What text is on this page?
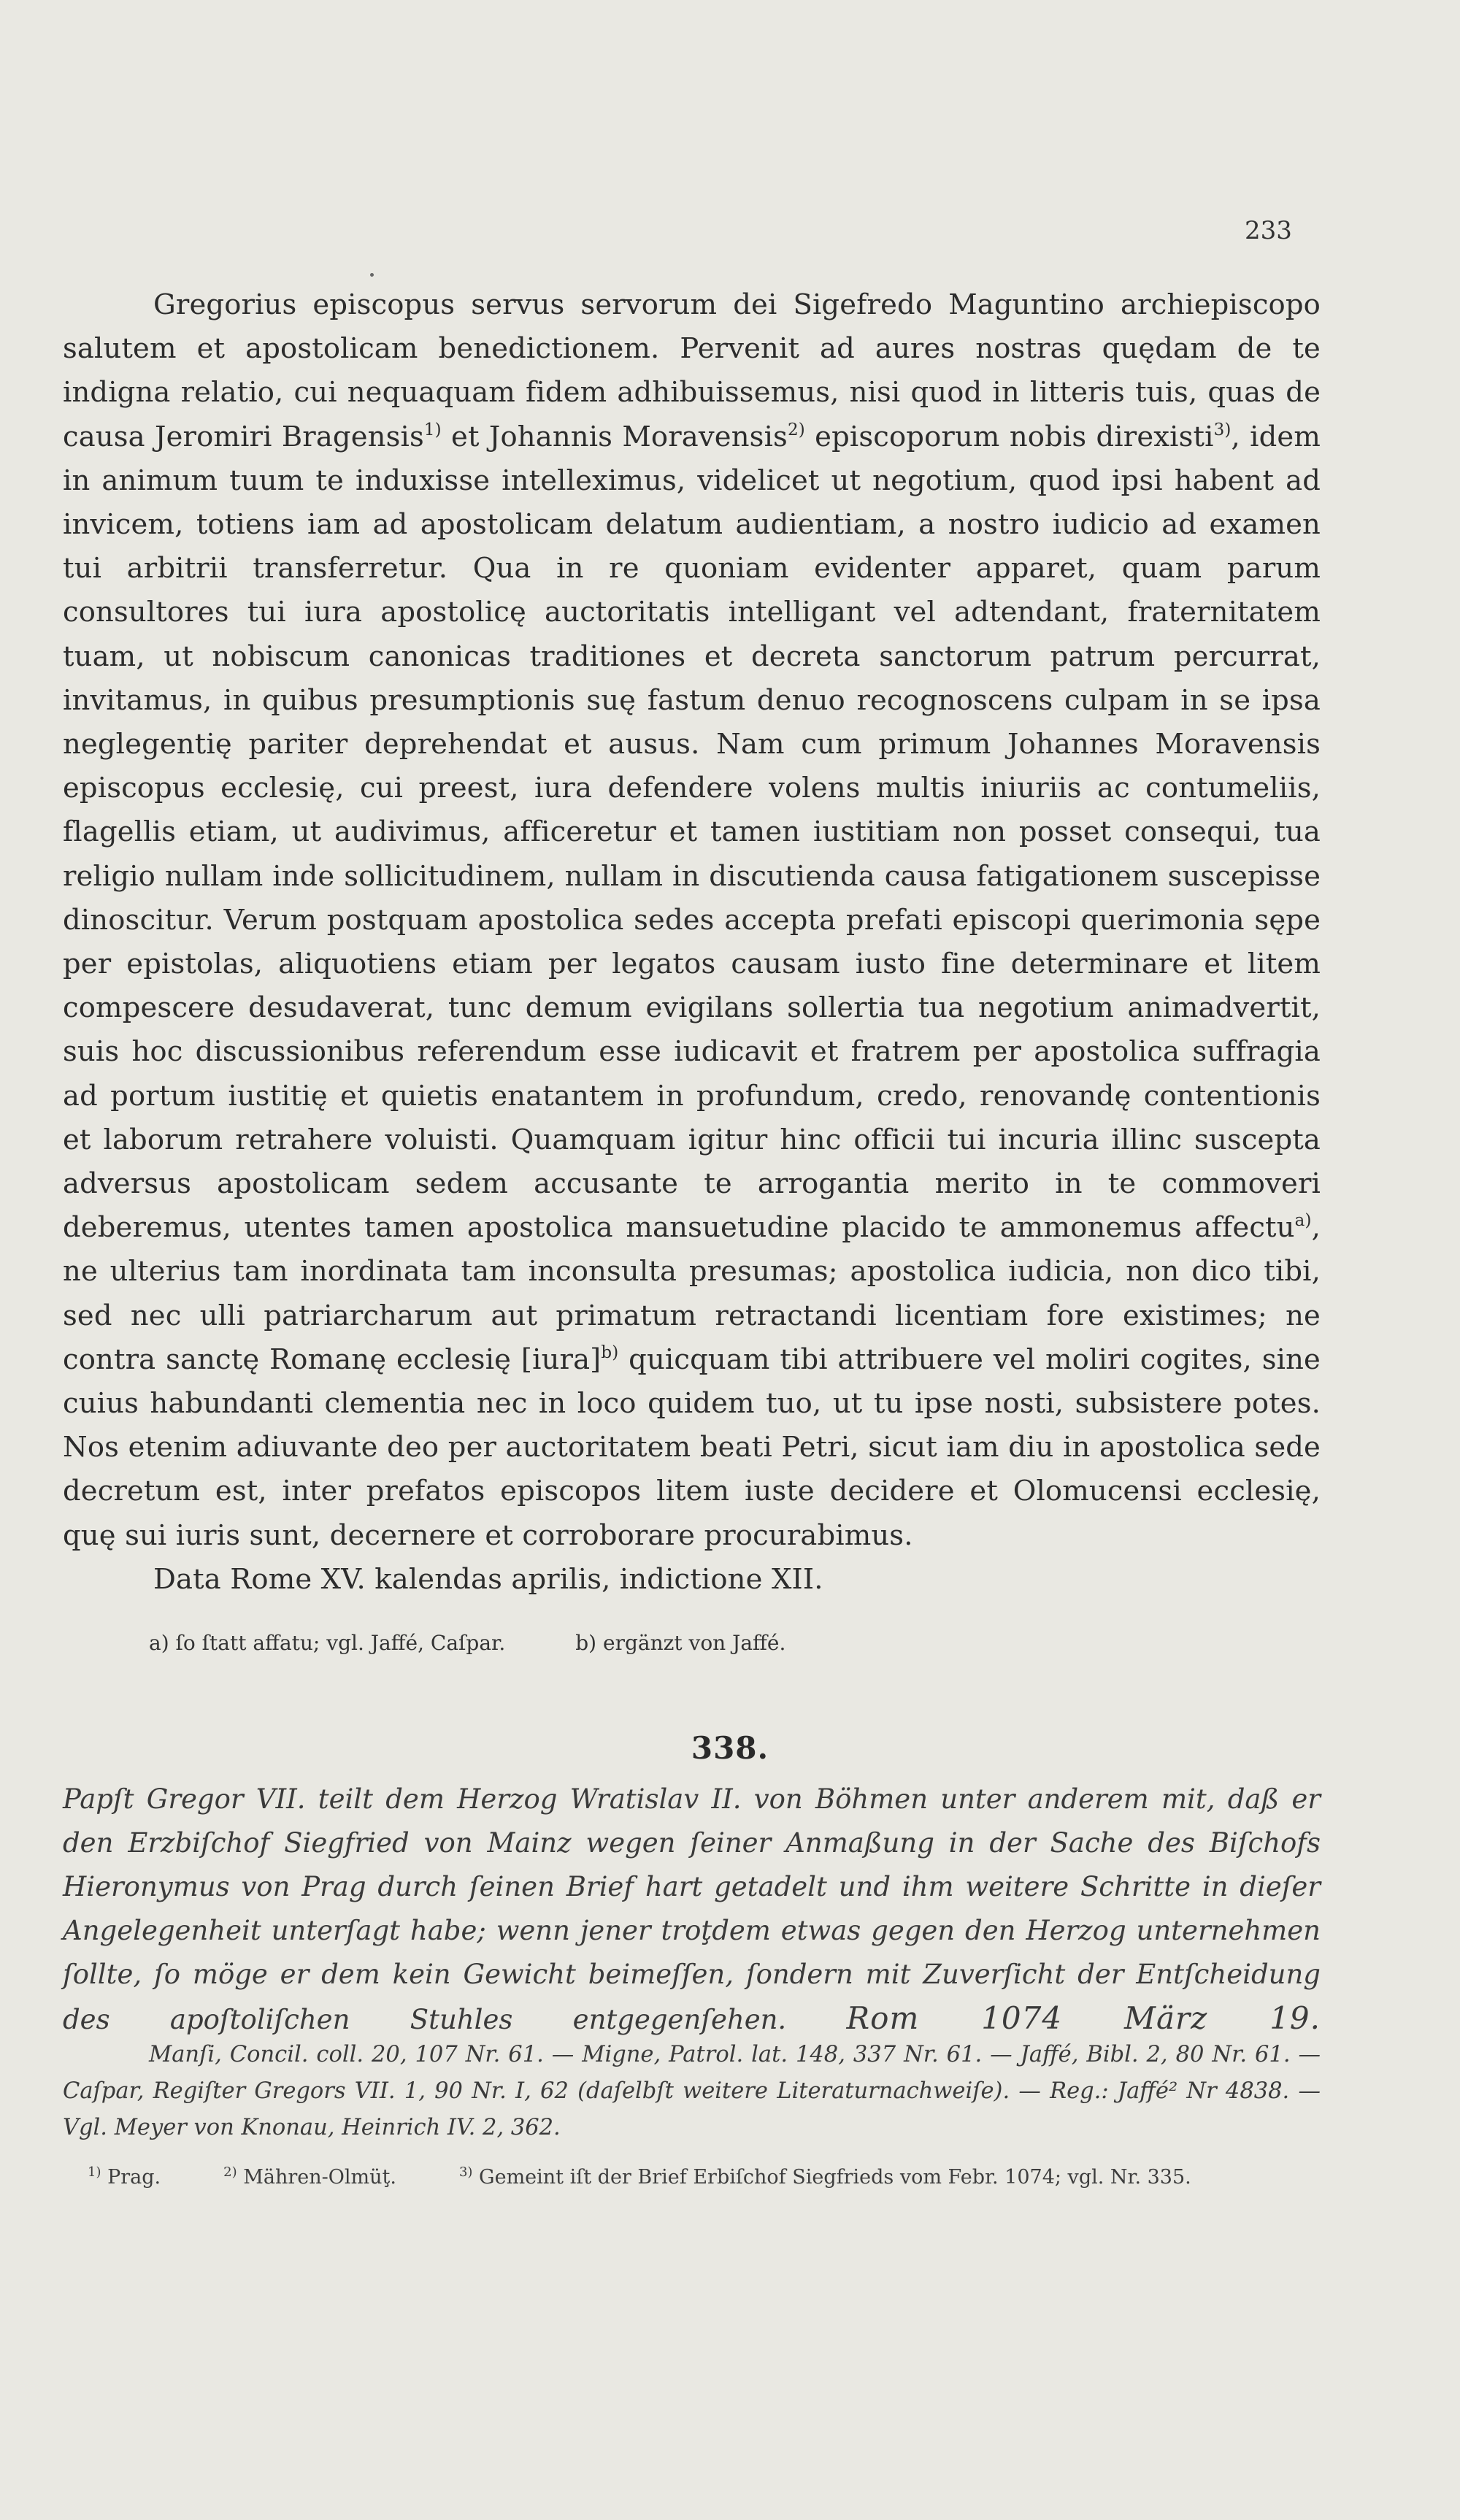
233

Gregorius episcopus servus servorum dei Sigefredo Maguntino archiepiscopo salutem et apostolicam benedictionem. Pervenit ad aures nostras quędam de te indigna relatio, cui nequaquam fidem adhibuissemus, nisi quod in litteris tuis, quas de causa Jeromiri Bragensis$^{1)}$ et Johannis Moravensis$^{2)}$ episcoporum nobis direxisti$^{3)}$, idem in animum tuum te induxisse intelleximus, videlicet ut negotium, quod ipsi habent ad invicem, totiens iam ad apostolicam delatum audientiam, a nostro iudicio ad examen tui arbitrii transferretur. Qua in re quoniam evidenter apparet, quam parum consultores tui iura apostolicę auctoritatis intelligant vel adtendant, fraternitatem tuam, ut nobiscum canonicas traditiones et decreta sanctorum patrum percurrat, invitamus, in quibus presumptionis suę fastum denuo recognoscens culpam in se ipsa neglegentię pariter deprehendat et ausus. Nam cum primum Johannes Moravensis episcopus ecclesię, cui preest, iura defendere volens multis iniuriis ac contumeliis, flagellis etiam, ut audivimus, afficeretur et tamen iustitiam non posset consequi, tua religio nullam inde sollicitudinem, nullam in discutienda causa fatigationem suscepisse dinoscitur. Verum postquam apostolica sedes accepta prefati episcopi querimonia sępe per epistolas, aliquotiens etiam per legatos causam iusto fine determinare et litem compescere desudaverat, tunc demum evigilans sollertia tua negotium animadvertit, suis hoc discussionibus referendum esse iudicavit et fratrem per apostolica suffragia ad portum iustitię et quietis enatantem in profundum, credo, renovandę contentionis et laborum retrahere voluisti. Quamquam igitur hinc officii tui incuria illinc suscepta adversus apostolicam sedem accusante te arrogantia merito in te commoveri deberemus, utentes tamen apostolica mansuetudine placido te ammonemus affectu$^{a)}$, ne ulterius tam inordinata tam inconsulta presumas; apostolica iudicia, non dico tibi, sed nec ulli patriarcharum aut primatum retractandi licentiam fore existimes; ne contra sanctę Romanę ecclesię [iura]$^{b)}$ quicquam tibi attribuere vel moliri cogites, sine cuius habundanti clementia nec in loco quidem tuo, ut tu ipse nosti, subsistere potes. Nos etenim adiuvante deo per auctoritatem beati Petri, sicut iam diu in apostolica sede decretum est, inter prefatos episcopos litem iuste decidere et Olomucensi ecclesię, quę sui iuris sunt, decernere et corroborare procurabimus.

Data Rome XV. kalendas aprilis, indictione XII.

a) ſo ſtatt affatu; vgl. Jaffé, Caſpar.	b) ergänzt von Jaffé.
338.

Papſt Gregor VII. teilt dem Herzog Wratislav II. von Böhmen unter anderem mit, daß er den Erzbiſchof Siegfried von Mainz wegen ſeiner Anmaßung in der Sache des Biſchofs Hieronymus von Prag durch ſeinen Brief hart getadelt und ihm weitere Schritte in dieſer Angelegenheit unterſagt habe; wenn jener troţdem etwas gegen den Herzog unternehmen ſollte, ſo möge er dem kein Gewicht beimeſſen, ſondern mit Zuverſicht der Entſcheidung des apoſtoliſchen Stuhles entgegenſehen. Rom 1074 März 19.

Manſi, Concil. coll. 20, 107 Nr. 61. — Migne, Patrol. lat. 148, 337 Nr. 61. — Jaffé, Bibl. 2, 80 Nr. 61. — Caſpar, Regiſter Gregors VII. 1, 90 Nr. I, 62 (daſelbſt weitere Literaturnachweiſe). — Reg.: Jaffé² Nr 4838. — Vgl. Meyer von Knonau, Heinrich IV. 2, 362.

$^{1)}$ Prag.	$^{2)}$ Mähren-Olmüţ.	$^{3)}$ Gemeint iſt der Brief Erbiſchof Siegfrieds vom Febr. 1074; vgl. Nr. 335.
